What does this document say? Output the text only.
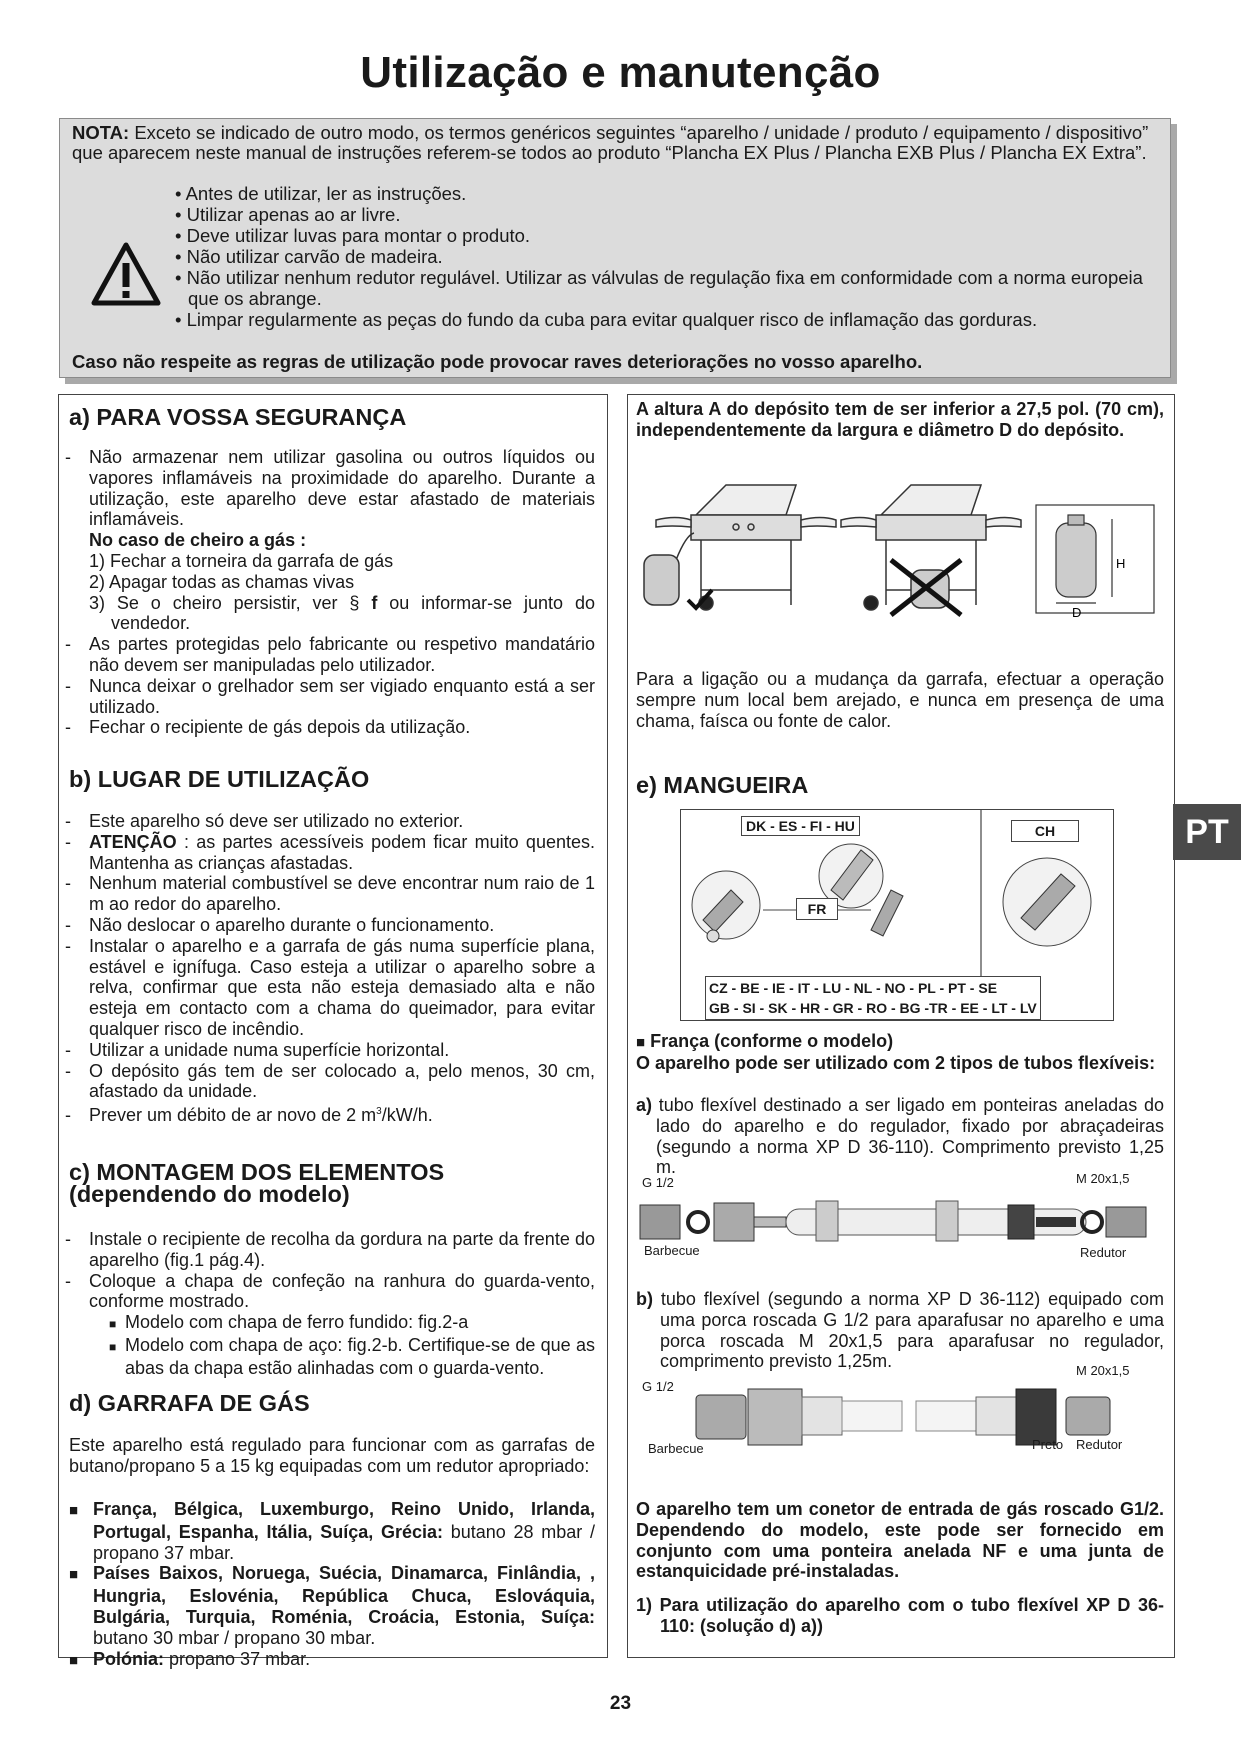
Utilização e manutenção
NOTA: Exceto se indicado de outro modo, os termos genéricos seguintes “aparelho / unidade / produto / equipamento / dispositivo” que aparecem neste manual de instruções referem-se todos ao produto “Plancha EX Plus / Plancha EXB Plus / Plancha EX Extra”.
• Antes de utilizar, ler as instruções.
• Utilizar apenas ao ar livre.
• Deve utilizar luvas para montar o produto.
• Não utilizar carvão de madeira.
• Não utilizar nenhum redutor regulável. Utilizar as válvulas de regulação fixa em conformidade com a norma europeia que os abrange.
• Limpar regularmente as peças do fundo da cuba para evitar qualquer risco de inflamação das gorduras.
Caso não respeite as regras de utilização pode provocar raves deteriorações no vosso aparelho.
a) PARA VOSSA SEGURANÇA
- Não armazenar nem utilizar gasolina ou outros líquidos ou vapores inflamáveis na proximidade do aparelho. Durante a utilização, este aparelho deve estar afastado de materiais inflamáveis.
No caso de cheiro a gás :
1) Fechar a torneira da garrafa de gás
2) Apagar todas as chamas vivas
3) Se o cheiro persistir, ver § f ou informar-se junto do vendedor.
- As partes protegidas pelo fabricante ou respetivo mandatário não devem ser manipuladas pelo utilizador.
- Nunca deixar o grelhador sem ser vigiado enquanto está a ser utilizado.
- Fechar o recipiente de gás depois da utilização.
b) LUGAR DE UTILIZAÇÃO
- Este aparelho só deve ser utilizado no exterior.
- ATENÇÃO : as partes acessíveis podem ficar muito quentes. Mantenha as crianças afastadas.
- Nenhum material combustível se deve encontrar num raio de 1 m ao redor do aparelho.
- Não deslocar o aparelho durante o funcionamento.
- Instalar o aparelho e a garrafa de gás numa superfície plana, estável e ignífuga. Caso esteja a utilizar o aparelho sobre a relva, confirmar que esta não esteja demasiado alta e não esteja em contacto com a chama do queimador, para evitar qualquer risco de incêndio.
- Utilizar a unidade numa superfície horizontal.
- O depósito gás tem de ser colocado a, pelo menos, 30 cm, afastado da unidade.
- Prever um débito de ar novo de 2 $m^3/kW/h$.
c) MONTAGEM DOS ELEMENTOS
(dependendo do modelo)
- Instale o recipiente de recolha da gordura na parte da frente do aparelho (fig.1 pág.4).
- Coloque a chapa de confeção na ranhura do guarda-vento, conforme mostrado.
■ Modelo com chapa de ferro fundido: fig.2-a
■ Modelo com chapa de aço: fig.2-b. Certifique-se de que as abas da chapa estão alinhadas com o guarda-vento.
d) GARRAFA DE GÁS
Este aparelho está regulado para funcionar com as garrafas de butano/propano 5 a 15 kg equipadas com um redutor apropriado:
■ França, Bélgica, Luxemburgo, Reino Unido, Irlanda, Portugal, Espanha, Itália, Suíça, Grécia: butano 28 mbar / propano 37 mbar.
■ Países Baixos, Noruega, Suécia, Dinamarca, Finlândia, , Hungria, Eslovénia, República Chuca, Eslováquia, Bulgária, Turquia, Roménia, Croácia, Estonia, Suíça: butano 30 mbar / propano 30 mbar.
■ Polónia: propano 37 mbar.
A altura A do depósito tem de ser inferior a 27,5 pol. (70 cm), independentemente da largura e diâmetro D do depósito.
H
D
Para a ligação ou a mudança da garrafa, efectuar a operação sempre num local bem arejado, e nunca em presença de uma chama, faísca ou fonte de calor.
e) MANGUEIRA
DK - ES - FI - HU	CH
FR
CZ - BE - IE - IT - LU - NL - NO - PL - PT - SE
GB - SI - SK - HR - GR - RO - BG -TR - EE - LT - LV
■ França (conforme o modelo)
O aparelho pode ser utilizado com 2 tipos de tubos flexíveis:
a) tubo flexível destinado a ser ligado em ponteiras aneladas do lado do aparelho e do regulador, fixado por abraçadeiras (segundo a norma XP D 36-110). Comprimento previsto 1,25 m.
G 1/2	M 20x1,5
Barbecue	Redutor
b) tubo flexível (segundo a norma XP D 36-112) equipado com uma porca roscada G 1/2 para aparafusar no aparelho e uma porca roscada M 20x1,5 para aparafusar no regulador, comprimento previsto 1,25m.	M 20x1,5
G 1/2
Barbecue	Preto Redutor
O aparelho tem um conetor de entrada de gás roscado G1/2. Dependendo do modelo, este pode ser fornecido em conjunto com uma ponteira anelada NF e uma junta de estanquicidade pré-instaladas.
1) Para utilização do aparelho com o tubo flexível XP D 36-110: (solução d) a))
PT
23
